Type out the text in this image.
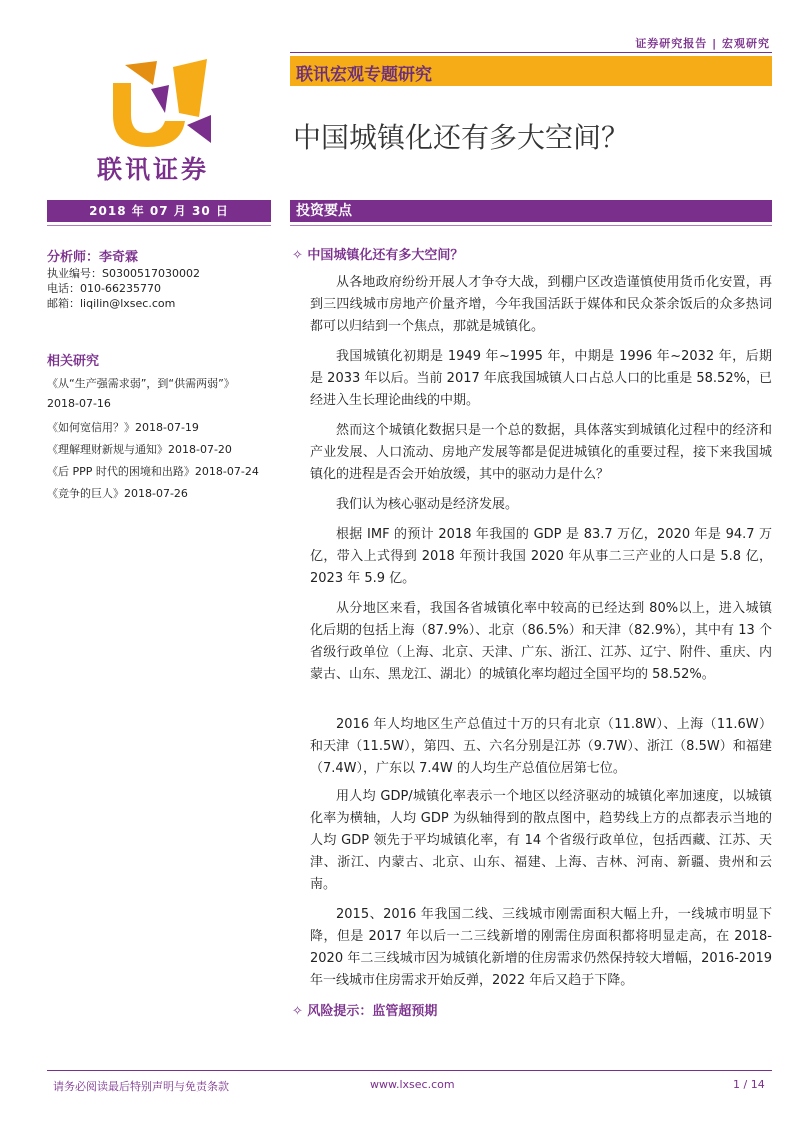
证券研究报告 | 宏观研究
联讯证券
联讯宏观专题研究
中国城镇化还有多大空间？
2018 年 07 月 30 日	投资要点
分析师：李奇霖
执业编号：S0300517030002
电话：010-66235770
邮箱：liqilin@lxsec.com
相关研究
《从“生产强需求弱”，到“供需两弱”》
2018-07-16
《如何宽信用？》2018-07-19
《理解理财新规与通知》2018-07-20
《后 PPP 时代的困境和出路》2018-07-24
《竞争的巨人》2018-07-26
✧ 中国城镇化还有多大空间？

从各地政府纷纷开展人才争夺大战，到棚户区改造谨慎使用货币化安置，再到三四线城市房地产价量齐增，今年我国活跃于媒体和民众茶余饭后的众多热词都可以归结到一个焦点，那就是城镇化。

我国城镇化初期是 1949 年~1995 年，中期是 1996 年~2032 年，后期是 2033 年以后。当前 2017 年底我国城镇人口占总人口的比重是 58.52%，已经进入生长理论曲线的中期。

然而这个城镇化数据只是一个总的数据，具体落实到城镇化过程中的经济和产业发展、人口流动、房地产发展等都是促进城镇化的重要过程，接下来我国城镇化的进程是否会开始放缓，其中的驱动力是什么？

我们认为核心驱动是经济发展。

根据 IMF 的预计 2018 年我国的 GDP 是 83.7 万亿，2020 年是 94.7 万亿，带入上式得到 2018 年预计我国 2020 年从事二三产业的人口是 5.8 亿，2023 年 5.9 亿。

从分地区来看，我国各省城镇化率中较高的已经达到 80%以上，进入城镇化后期的包括上海（87.9%）、北京（86.5%）和天津（82.9%），其中有 13 个省级行政单位（上海、北京、天津、广东、浙江、江苏、辽宁、附件、重庆、内蒙古、山东、黑龙江、湖北）的城镇化率均超过全国平均的 58.52%。

2016 年人均地区生产总值过十万的只有北京（11.8W）、上海（11.6W）和天津（11.5W），第四、五、六名分别是江苏（9.7W）、浙江（8.5W）和福建（7.4W），广东以 7.4W 的人均生产总值位居第七位。

用人均 GDP/城镇化率表示一个地区以经济驱动的城镇化率加速度，以城镇化率为横轴，人均 GDP 为纵轴得到的散点图中，趋势线上方的点都表示当地的人均 GDP 领先于平均城镇化率，有 14 个省级行政单位，包括西藏、江苏、天津、浙江、内蒙古、北京、山东、福建、上海、吉林、河南、新疆、贵州和云南。

2015、2016 年我国二线、三线城市刚需面积大幅上升，一线城市明显下降，但是 2017 年以后一二三线新增的刚需住房面积都将明显走高，在 2018-2020 年二三线城市因为城镇化新增的住房需求仍然保持较大增幅，2016-2019 年一线城市住房需求开始反弹，2022 年后又趋于下降。

✧ 风险提示：监管超预期
请务必阅读最后特别声明与免责条款	www.lxsec.com	1 / 14
